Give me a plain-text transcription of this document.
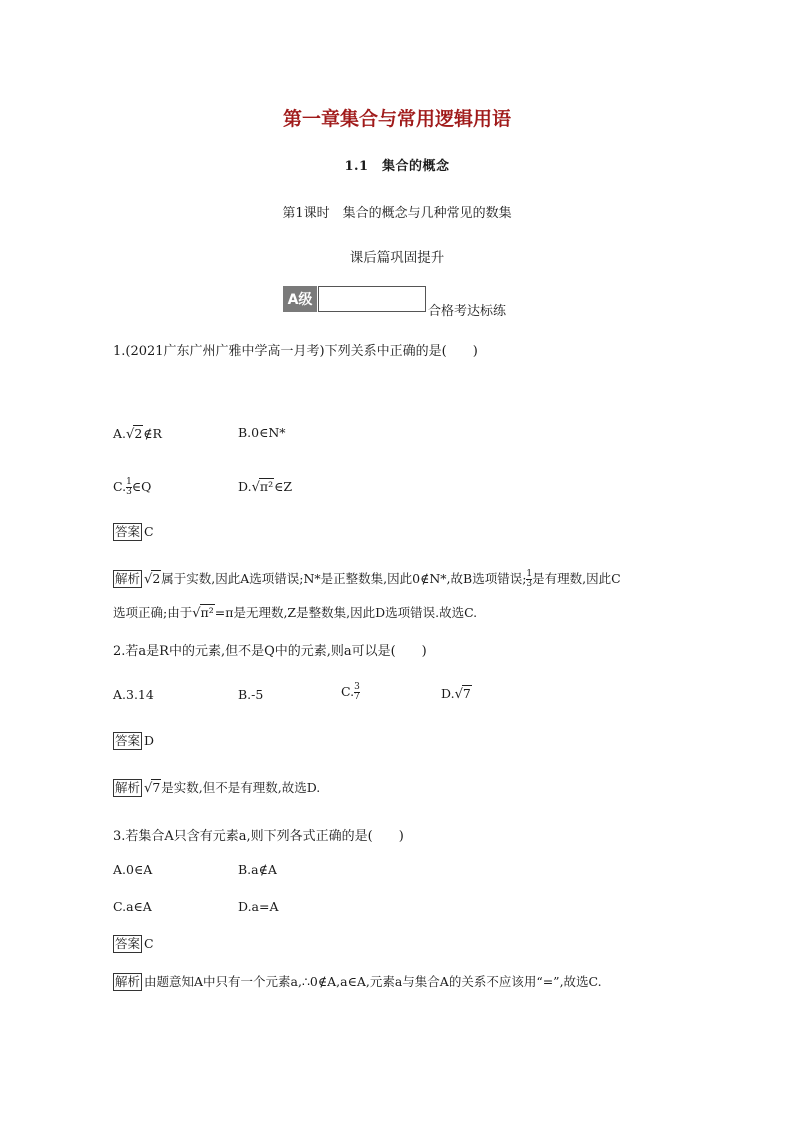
第一章集合与常用逻辑用语
1.1　集合的概念
第1课时　集合的概念与几种常见的数集
课后篇巩固提升
A级
合格考达标练
1.(2021广东广州广雅中学高一月考)下列关系中正确的是(　　)
A.√2∉R	B.0∈N*
C. $\frac{1}{3}$ ∈Q	D.√π²∈Z
答案 C
解析 √2属于实数,因此A选项错误;N*是正整数集,因此0∉N*,故B选项错误; $\frac{1}{3}$ 是有理数,因此C
选项正确;由于√π²=π是无理数,Z是整数集,因此D选项错误.故选C.
2.若a是R中的元素,但不是Q中的元素,则a可以是(　　)
A.3.14	B.-5	C. $\frac{3}{7}$	D.√7
答案 D
解析 √7是实数,但不是有理数,故选D.
3.若集合A只含有元素a,则下列各式正确的是(　　)
A.0∈A	B.a∉A
C.a∈A	D.a=A
答案 C
解析 由题意知A中只有一个元素a,∴0∉A,a∈A,元素a与集合A的关系不应该用“=”,故选C.
